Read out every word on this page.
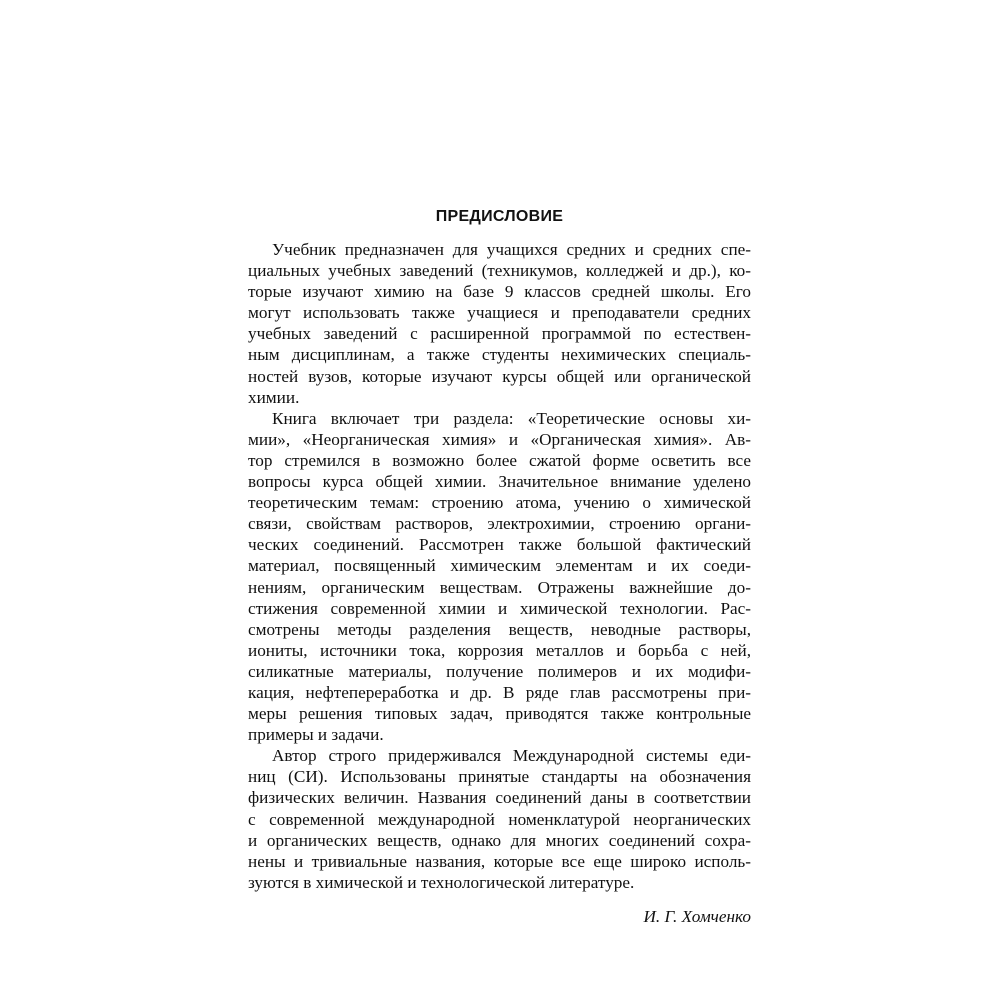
ПРЕДИСЛОВИЕ
Учебник предназначен для учащихся средних и средних спе-
циальных учебных заведений (техникумов, колледжей и др.), ко-
торые изучают химию на базе 9 классов средней школы. Его
могут использовать также учащиеся и преподаватели средних
учебных заведений с расширенной программой по естествен-
ным дисциплинам, а также студенты нехимических специаль-
ностей вузов, которые изучают курсы общей или органической
химии.
Книга включает три раздела: «Теоретические основы хи-
мии», «Неорганическая химия» и «Органическая химия». Ав-
тор стремился в возможно более сжатой форме осветить все
вопросы курса общей химии. Значительное внимание уделено
теоретическим темам: строению атома, учению о химической
связи, свойствам растворов, электрохимии, строению органи-
ческих соединений. Рассмотрен также большой фактический
материал, посвященный химическим элементам и их соеди-
нениям, органическим веществам. Отражены важнейшие до-
стижения современной химии и химической технологии. Рас-
смотрены методы разделения веществ, неводные растворы,
иониты, источники тока, коррозия металлов и борьба с ней,
силикатные материалы, получение полимеров и их модифи-
кация, нефтепереработка и др. В ряде глав рассмотрены при-
меры решения типовых задач, приводятся также контрольные
примеры и задачи.
Автор строго придерживался Международной системы еди-
ниц (СИ). Использованы принятые стандарты на обозначения
физических величин. Названия соединений даны в соответствии
с современной международной номенклатурой неорганических
и органических веществ, однако для многих соединений сохра-
нены и тривиальные названия, которые все еще широко исполь-
зуются в химической и технологической литературе.
И. Г. Хомченко
